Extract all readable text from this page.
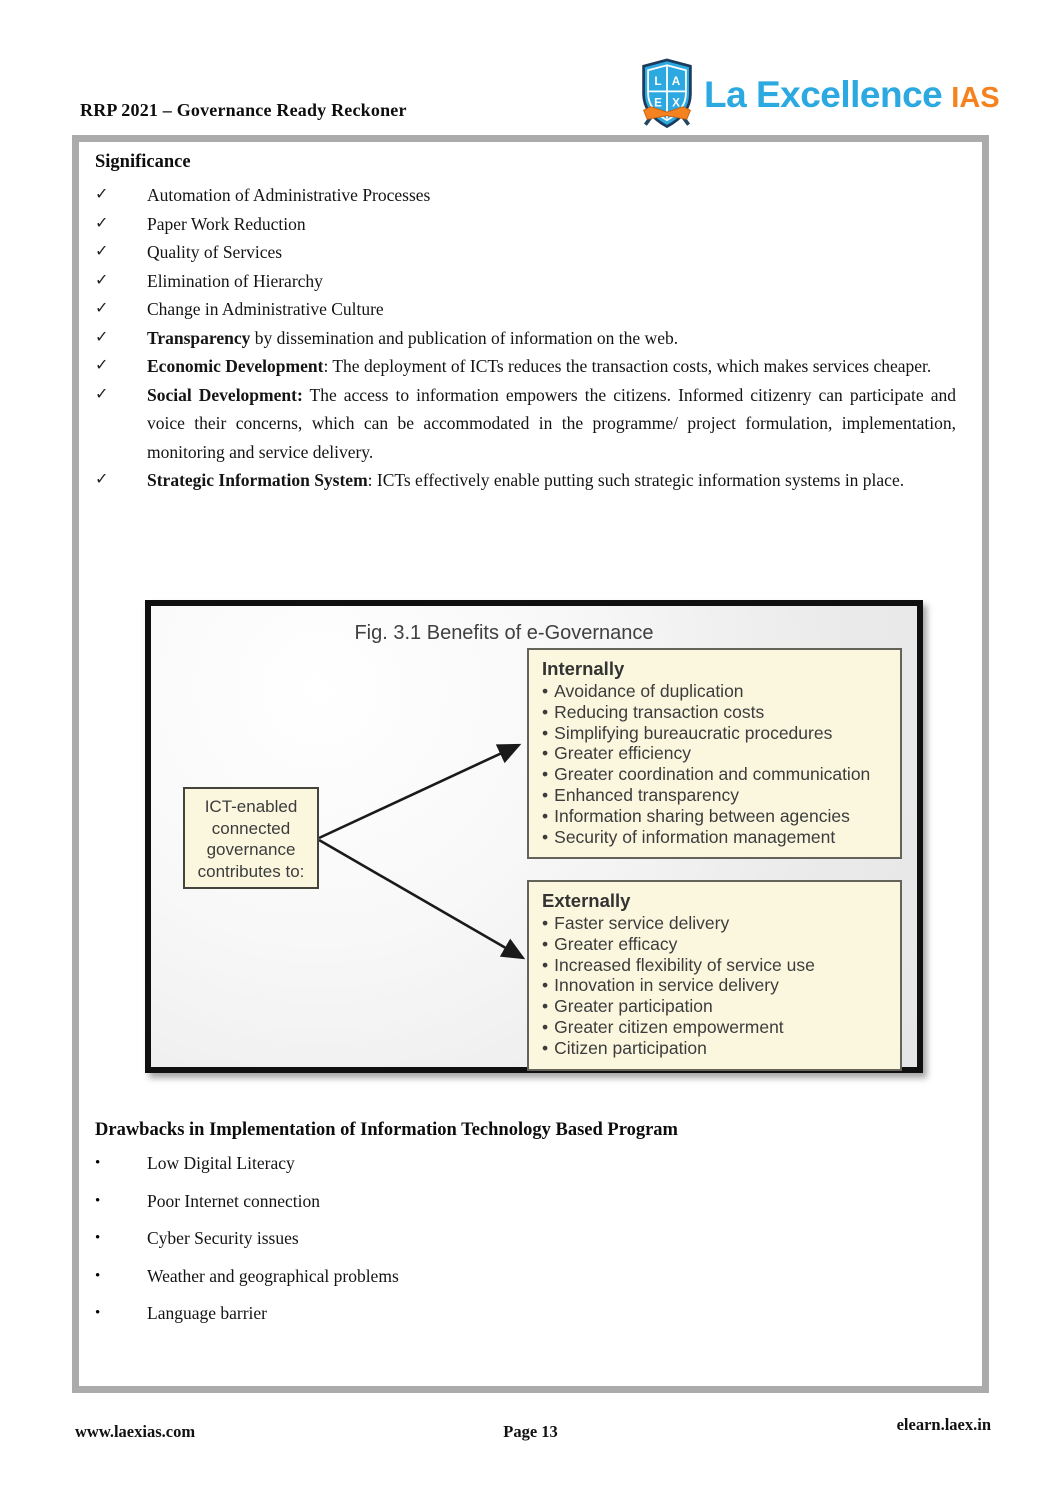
RRP 2021 – Governance Ready Reckoner
L A
E X La Excellence IAS
Significance
✓	Automation of Administrative Processes
✓	Paper Work Reduction
✓	Quality of Services
✓	Elimination of Hierarchy
✓	Change in Administrative Culture
✓	Transparency by dissemination and publication of information on the web.
✓	Economic Development: The deployment of ICTs reduces the transaction costs, which makes services cheaper.
✓	Social Development: The access to information empowers the citizens. Informed citizenry can participate and voice their concerns, which can be accommodated in the programme/ project formulation, implementation, monitoring and service delivery.
✓	Strategic Information System: ICTs effectively enable putting such strategic information systems in place.
Fig. 3.1 Benefits of e-Governance
ICT-enabled connected governance contributes to:
Internally
• Avoidance of duplication
• Reducing transaction costs
• Simplifying bureaucratic procedures
• Greater efficiency
• Greater coordination and communication
• Enhanced transparency
• Information sharing between agencies
• Security of information management
Externally
• Faster service delivery
• Greater efficacy
• Increased flexibility of service use
• Innovation in service delivery
• Greater participation
• Greater citizen empowerment
• Citizen participation
Drawbacks in Implementation of Information Technology Based Program
•	Low Digital Literacy
•	Poor Internet connection
•	Cyber Security issues
•	Weather and geographical problems
•	Language barrier
www.laexias.com	Page 13	elearn.laex.in
